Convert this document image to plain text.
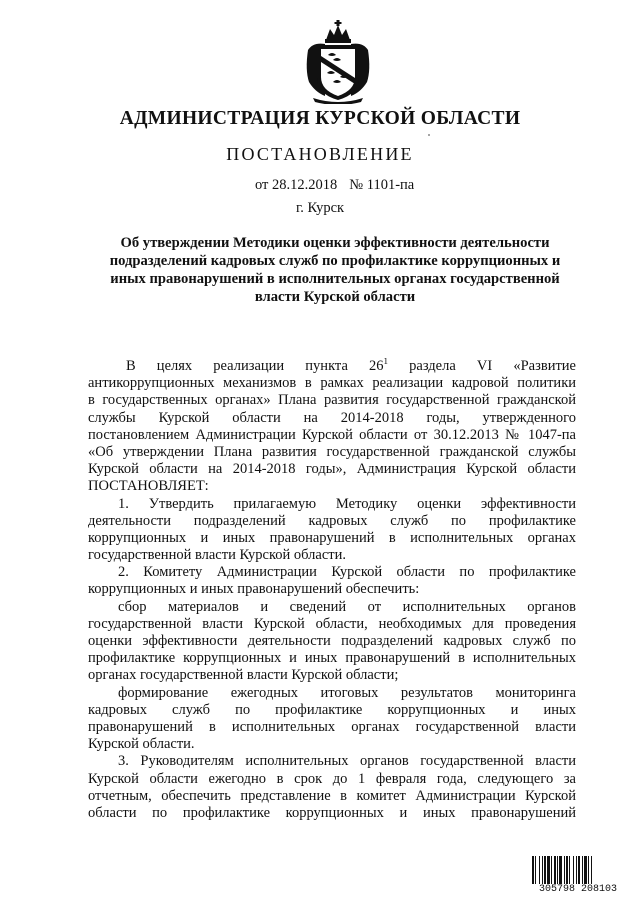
АДМИНИСТРАЦИЯ КУРСКОЙ ОБЛАСТИ
ПОСТАНОВЛЕНИЕ
от 28.12.2018 № 1101-па
г. Курск
Об утверждении Методики оценки эффективности деятельности
подразделений кадровых служб по профилактике коррупционных и
иных правонарушений в исполнительных органах государственной
власти Курской области
В целях реализации пункта $26^1$ раздела VI «Развитие
антикоррупционных механизмов в рамках реализации кадровой политики
в государственных органах» Плана развития государственной гражданской
службы Курской области на 2014-2018 годы, утвержденного
постановлением Администрации Курской области от 30.12.2013 № 1047-па
«Об утверждении Плана развития государственной гражданской службы
Курской области на 2014-2018 годы», Администрация Курской области
ПОСТАНОВЛЯЕТ:
1. Утвердить прилагаемую Методику оценки эффективности
деятельности подразделений кадровых служб по профилактике
коррупционных и иных правонарушений в исполнительных органах
государственной власти Курской области.
2. Комитету Администрации Курской области по профилактике
коррупционных и иных правонарушений обеспечить:
сбор материалов и сведений от исполнительных органов
государственной власти Курской области, необходимых для проведения
оценки эффективности деятельности подразделений кадровых служб по
профилактике коррупционных и иных правонарушений в исполнительных
органах государственной власти Курской области;
формирование ежегодных итоговых результатов мониторинга
кадровых служб по профилактике коррупционных и иных
правонарушений в исполнительных органах государственной власти
Курской области.
3. Руководителям исполнительных органов государственной власти
Курской области ежегодно в срок до 1 февраля года, следующего за
отчетным, обеспечить представление в комитет Администрации Курской
области по профилактике коррупционных и иных правонарушений
305798 208103
